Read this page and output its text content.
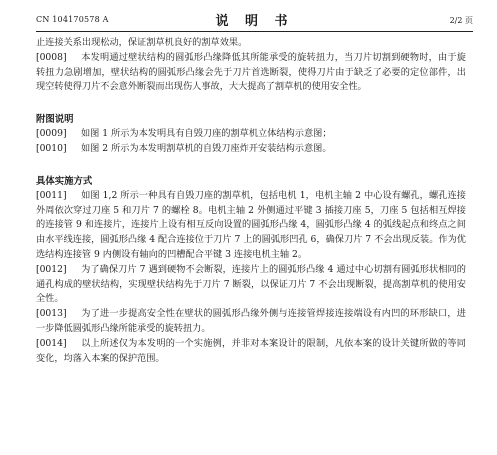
CN 104170578 A	说 明 书	2/2 页

止连接关系出现松动，保证割草机良好的割草效果。

[0008] 本发明通过壁状结构的圆弧形凸缘降低其所能承受的旋转扭力，当刀片切割到硬物时，由于旋转扭力急剧增加，壁状结构的圆弧形凸缘会先于刀片首选断裂，使得刀片由于缺乏了必要的定位部件，出现空转使得刀片不会意外断裂而出现伤人事故，大大提高了割草机的使用安全性。

附图说明

[0009] 如图 1 所示为本发明具有自毁刀座的割草机立体结构示意图；

[0010] 如图 2 所示为本发明割草机的自毁刀座炸开安装结构示意图。

具体实施方式

[0011] 如图 1,2 所示一种具有自毁刀座的割草机，包括电机 1，电机主轴 2 中心设有螺孔，螺孔连接外周依次穿过刀座 5 和刀片 7 的螺栓 8。电机主轴 2 外侧通过平键 3 插接刀座 5，刀座 5 包括相互焊接的连接管 9 和连接片，连接片上设有相互反向设置的圆弧形凸缘 4，圆弧形凸缘 4 的弧线起点和终点之间由水平线连接，圆弧形凸缘 4 配合连接位于刀片 7 上的圆弧形凹孔 6，确保刀片 7 不会出现反装。作为优选结构连接管 9 内侧设有轴向的凹槽配合平键 3 连接电机主轴 2。

[0012] 为了确保刀片 7 遇到硬物不会断裂，连接片上的圆弧形凸缘 4 通过中心切割有圆弧形状相同的通孔构成的壁状结构，实现壁状结构先于刀片 7 断裂，以保证刀片 7 不会出现断裂，提高割草机的使用安全性。

[0013] 为了进一步提高安全性在壁状的圆弧形凸缘外侧与连接管焊接连接端设有内凹的环形缺口，进一步降低圆弧形凸缘所能承受的旋转扭力。

[0014] 以上所述仅为本发明的一个实施例，并非对本案设计的限制，凡依本案的设计关键所做的等同变化，均落入本案的保护范围。
